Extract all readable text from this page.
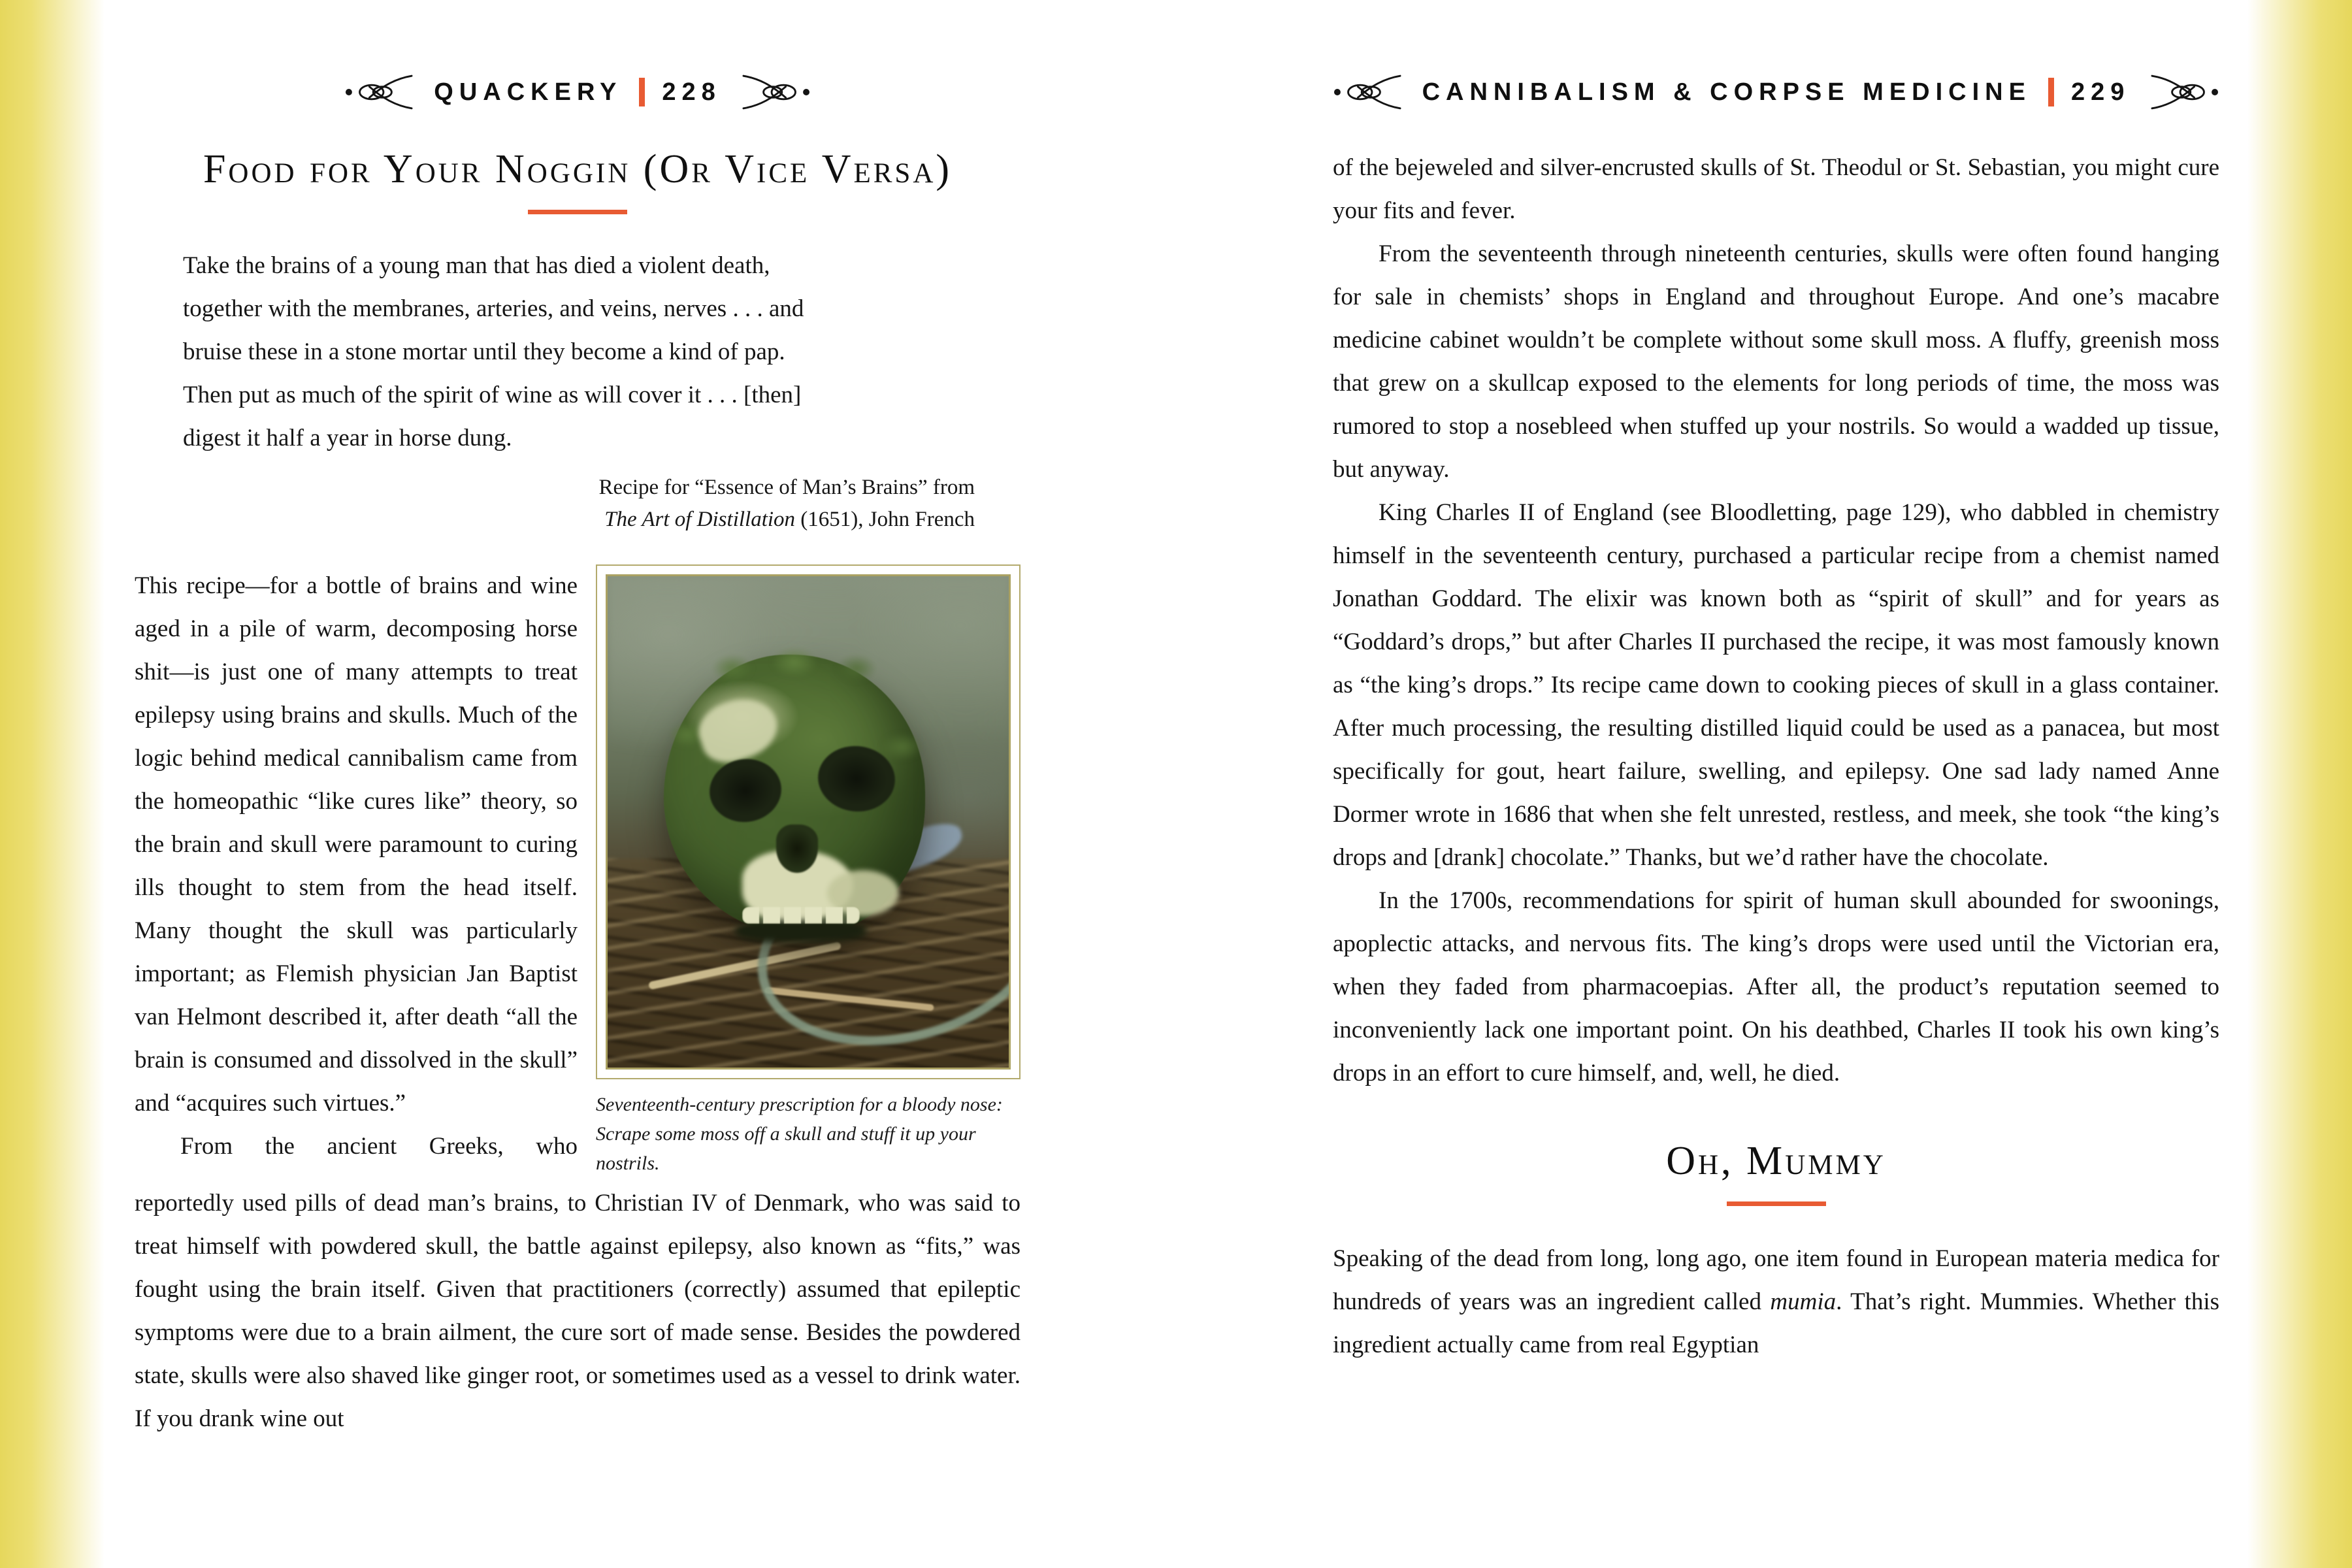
QUACKERY 228
Food for Your Noggin (Or Vice Versa)
Take the brains of a young man that has died a violent death,
together with the membranes, arteries, and veins, nerves . . . and
bruise these in a stone mortar until they become a kind of pap.
Then put as much of the spirit of wine as will cover it . . . [then]
digest it half a year in horse dung.
Recipe for “Essence of Man’s Brains” from
The Art of Distillation (1651), John French
This recipe—for a bottle of brains and wine aged in a pile of warm, decomposing horse shit—is just one of many attempts to treat epilepsy using brains and skulls. Much of the logic behind medical cannibalism came from the homeopathic “like cures like” theory, so the brain and skull were paramount to curing ills thought to stem from the head itself. Many thought the skull was particularly important; as Flemish physician Jan Baptist van Helmont described it, after death “all the brain is consumed and dissolved in the skull” and “acquires such virtues.”
From the ancient Greeks, who
Seventeenth-century prescription for a bloody nose: Scrape some moss off a skull and stuff it up your nostrils.
reportedly used pills of dead man’s brains, to Christian IV of Denmark, who was said to treat himself with powdered skull, the battle against epilepsy, also known as “fits,” was fought using the brain itself. Given that practitioners (correctly) assumed that epileptic symptoms were due to a brain ailment, the cure sort of made sense. Besides the powdered state, skulls were also shaved like ginger root, or sometimes used as a vessel to drink water. If you drank wine out
CANNIBALISM & CORPSE MEDICINE 229
of the bejeweled and silver-encrusted skulls of St. Theodul or St. Sebastian, you might cure your fits and fever.
From the seventeenth through nineteenth centuries, skulls were often found hanging for sale in chemists’ shops in England and throughout Europe. And one’s macabre medicine cabinet wouldn’t be complete without some skull moss. A fluffy, greenish moss that grew on a skullcap exposed to the elements for long periods of time, the moss was rumored to stop a nosebleed when stuffed up your nostrils. So would a wadded up tissue, but anyway.
King Charles II of England (see Bloodletting, page 129), who dabbled in chemistry himself in the seventeenth century, purchased a particular recipe from a chemist named Jonathan Goddard. The elixir was known both as “spirit of skull” and for years as “Goddard’s drops,” but after Charles II purchased the recipe, it was most famously known as “the king’s drops.” Its recipe came down to cooking pieces of skull in a glass container. After much processing, the resulting distilled liquid could be used as a panacea, but most specifically for gout, heart failure, swelling, and epilepsy. One sad lady named Anne Dormer wrote in 1686 that when she felt unrested, restless, and meek, she took “the king’s drops and [drank] chocolate.” Thanks, but we’d rather have the chocolate.
In the 1700s, recommendations for spirit of human skull abounded for swoonings, apoplectic attacks, and nervous fits. The king’s drops were used until the Victorian era, when they faded from pharmacoepias. After all, the product’s reputation seemed to inconveniently lack one important point. On his deathbed, Charles II took his own king’s drops in an effort to cure himself, and, well, he died.
Oh, Mummy
Speaking of the dead from long, long ago, one item found in European materia medica for hundreds of years was an ingredient called mumia. That’s right. Mummies. Whether this ingredient actually came from real Egyptian
